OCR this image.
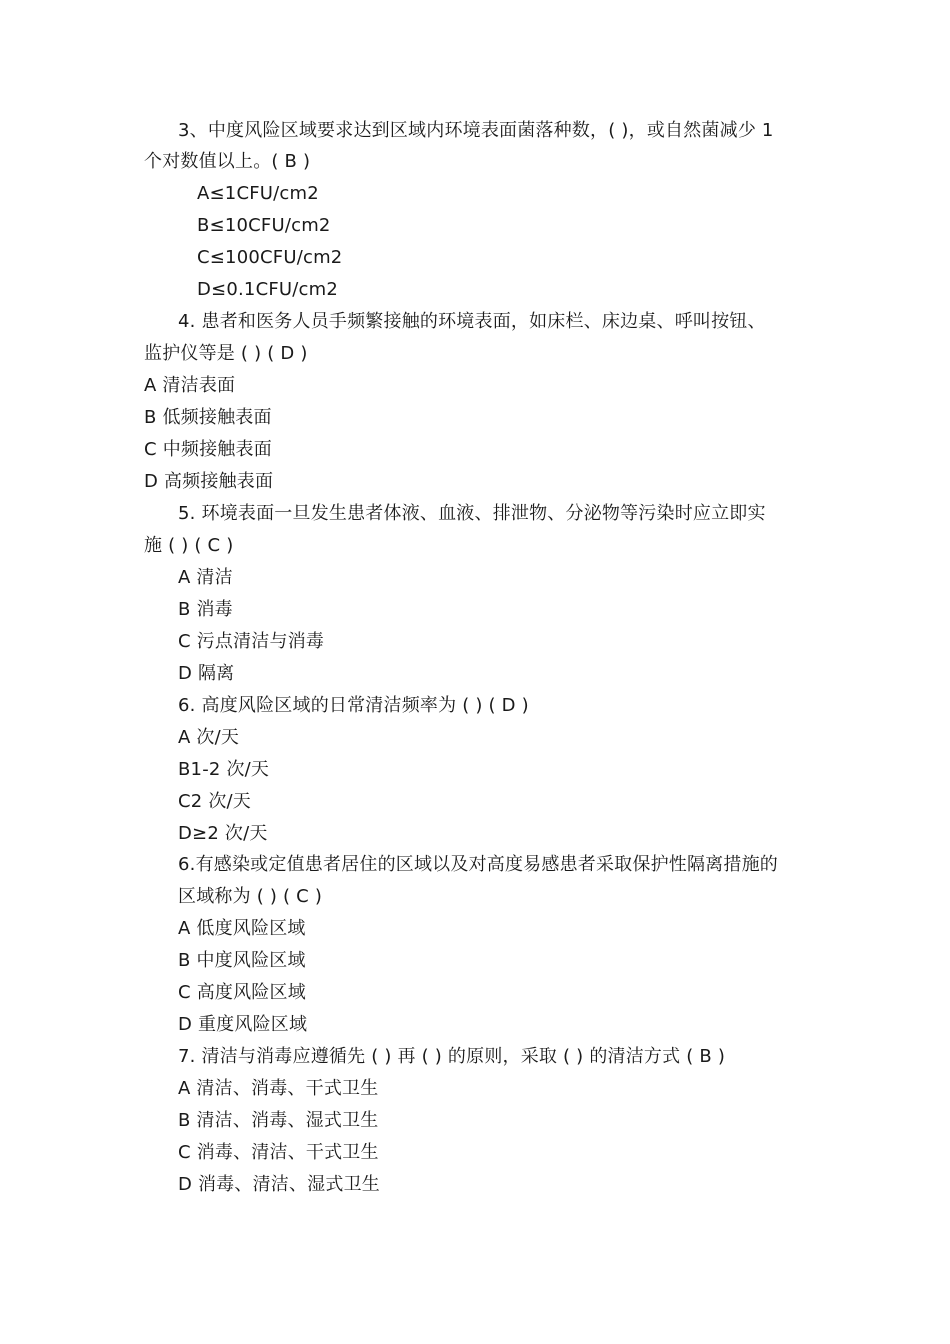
3、中度风险区域要求达到区域内环境表面菌落种数，( )，或自然菌减少 1
个对数值以上。( B )
A≤1CFU/cm2
B≤10CFU/cm2
C≤100CFU/cm2
D≤0.1CFU/cm2
4. 患者和医务人员手频繁接触的环境表面，如床栏、床边桌、呼叫按钮、
监护仪等是 ( ) ( D )
A 清洁表面
B 低频接触表面
C 中频接触表面
D 高频接触表面
5. 环境表面一旦发生患者体液、血液、排泄物、分泌物等污染时应立即实
施 ( ) ( C )
A 清洁
B 消毒
C 污点清洁与消毒
D 隔离
6. 高度风险区域的日常清洁频率为 ( ) ( D )
A 次/天
B1-2 次/天
C2 次/天
D≥2 次/天
6.有感染或定值患者居住的区域以及对高度易感患者采取保护性隔离措施的
区域称为 ( ) ( C )
A 低度风险区域
B 中度风险区域
C 高度风险区域
D 重度风险区域
7. 清洁与消毒应遵循先 ( ) 再 ( ) 的原则，采取 ( ) 的清洁方式 ( B )
A 清洁、消毒、干式卫生
B 清洁、消毒、湿式卫生
C 消毒、清洁、干式卫生
D 消毒、清洁、湿式卫生
